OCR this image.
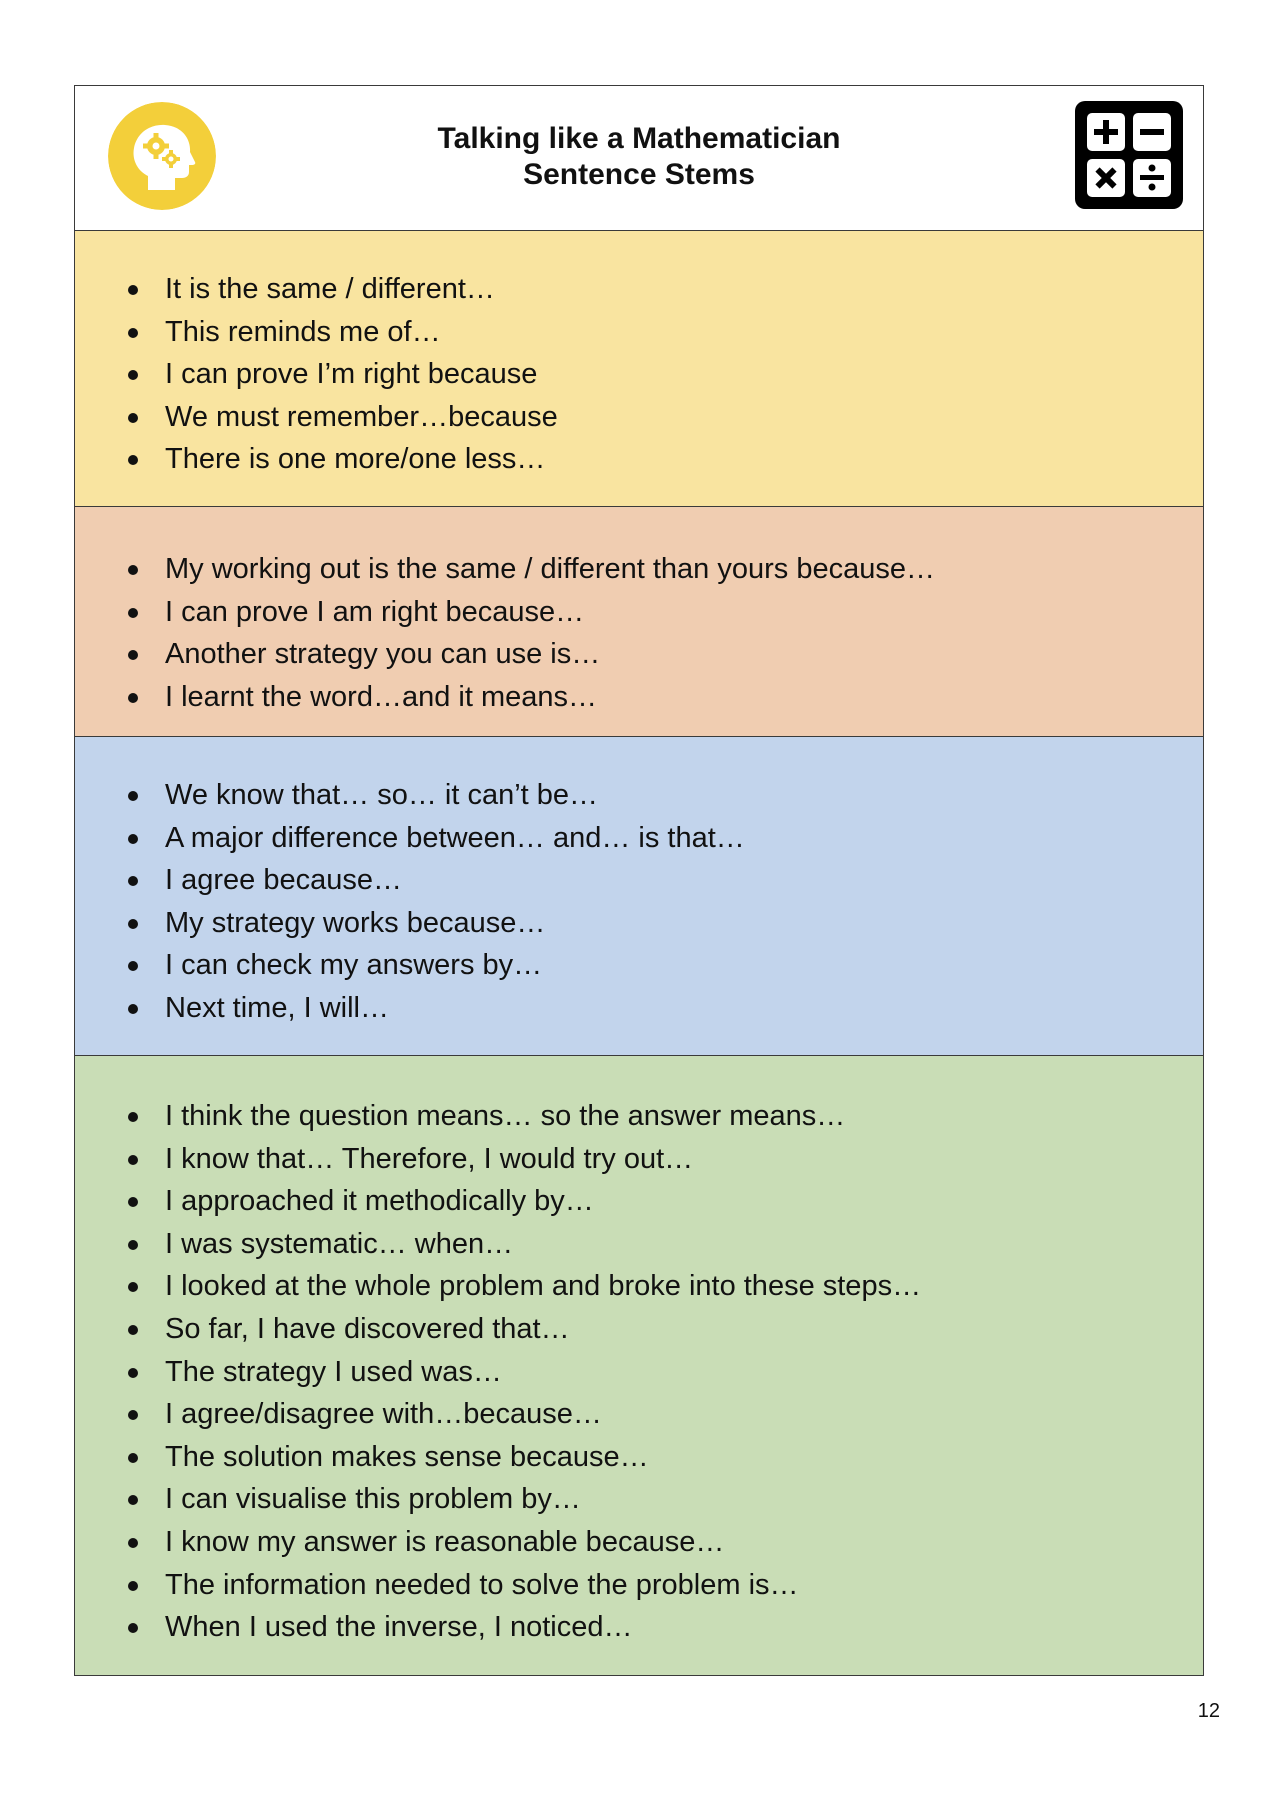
Talking like a Mathematician
Sentence Stems
It is the same / different…
This reminds me of…
I can prove I’m right because
We must remember…because
There is one more/one less…
My working out is the same / different than yours because…
I can prove I am right because…
Another strategy you can use is…
I learnt the word…and it means…
We know that… so… it can’t be…
A major difference between… and… is that…
I agree because…
My strategy works because…
I can check my answers by…
Next time, I will…
I think the question means… so the answer means…
I know that… Therefore, I would try out…
I approached it methodically by…
I was systematic… when…
I looked at the whole problem and broke into these steps…
So far, I have discovered that…
The strategy I used was…
I agree/disagree with…because…
The solution makes sense because…
I can visualise this problem by…
I know my answer is reasonable because…
The information needed to solve the problem is…
When I used the inverse, I noticed…
12
